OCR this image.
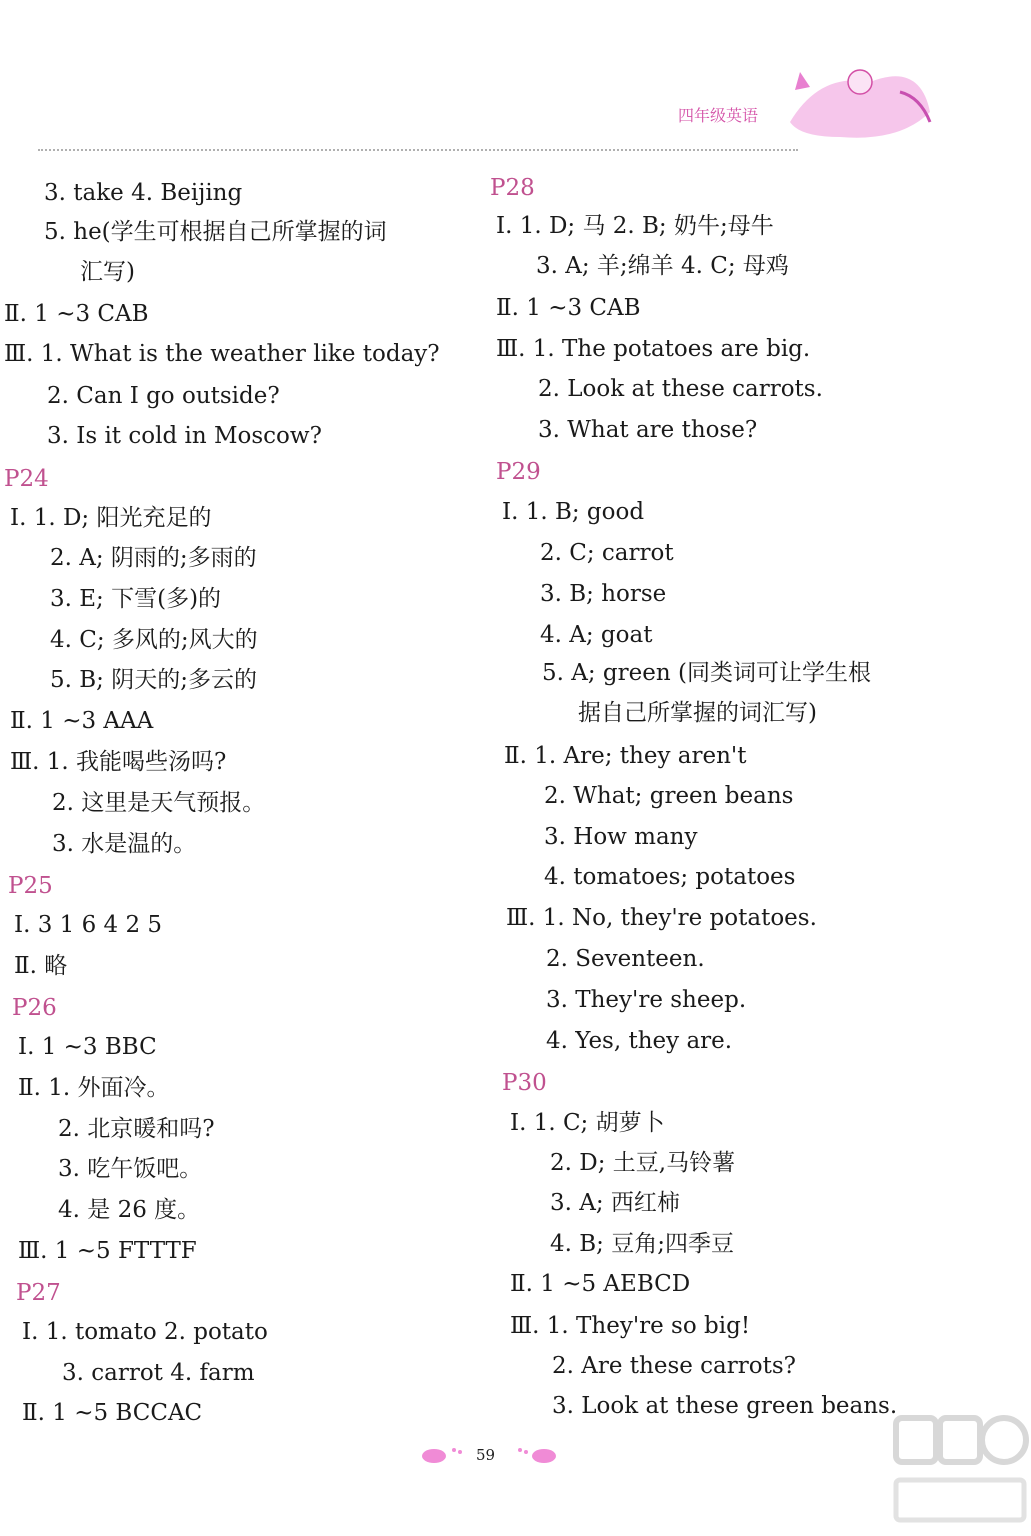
四年级英语
3. take 4. Beijing
5. he(学生可根据自己所掌握的词
汇写)
Ⅱ. 1 ~3 CAB
Ⅲ. 1. What is the weather like today?
2. Can I go outside?
3. Is it cold in Moscow?
P24
Ⅰ. 1. D; 阳光充足的
2. A; 阴雨的;多雨的
3. E; 下雪(多)的
4. C; 多风的;风大的
5. B; 阴天的;多云的
Ⅱ. 1 ~3 AAA
Ⅲ. 1. 我能喝些汤吗?
2. 这里是天气预报。
3. 水是温的。
P25
Ⅰ. 3 1 6 4 2 5
Ⅱ. 略
P26
Ⅰ. 1 ~3 BBC
Ⅱ. 1. 外面冷。
2. 北京暖和吗?
3. 吃午饭吧。
4. 是 26 度。
Ⅲ. 1 ~5 FTTTF
P27
Ⅰ. 1. tomato 2. potato
3. carrot 4. farm
Ⅱ. 1 ~5 BCCAC
P28
Ⅰ. 1. D; 马 2. B; 奶牛;母牛
3. A; 羊;绵羊 4. C; 母鸡
Ⅱ. 1 ~3 CAB
Ⅲ. 1. The potatoes are big.
2. Look at these carrots.
3. What are those?
P29
Ⅰ. 1. B; good
2. C; carrot
3. B; horse
4. A; goat
5. A; green (同类词可让学生根
据自己所掌握的词汇写)
Ⅱ. 1. Are; they aren't
2. What; green beans
3. How many
4. tomatoes; potatoes
Ⅲ. 1. No, they're potatoes.
2. Seventeen.
3. They're sheep.
4. Yes, they are.
P30
Ⅰ. 1. C; 胡萝卜
2. D; 土豆,马铃薯
3. A; 西红柿
4. B; 豆角;四季豆
Ⅱ. 1 ~5 AEBCD
Ⅲ. 1. They're so big!
2. Are these carrots?
3. Look at these green beans.
59
